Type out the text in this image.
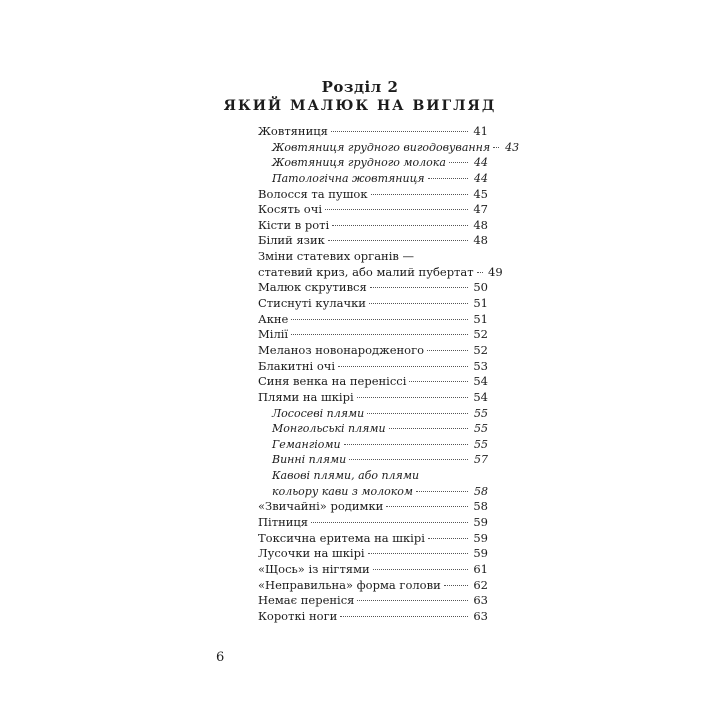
Розділ 2
ЯКИЙ МАЛЮК НА ВИГЛЯД
Жовтяниця	41
Жовтяниця грудного вигодовування 43
Жовтяниця грудного молока	44
Патологічна жовтяниця	44
Волосся та пушок	45
Косять очі	47
Кісти в роті	48
Білий язик	48
Зміни статевих органів —
статевий криз, або малий пубертат 49
Малюк скрутився	50
Стиснуті кулачки	51
Акне	51
Мілії	52
Меланоз новонародженого	52
Блакитні очі	53
Синя венка на переніссі	54
Плями на шкірі	54
Лососеві плями	55
Монгольські плями	55
Гемангіоми	55
Винні плями	57
Кавові плями, або плями
кольору кави з молоком	58
«Звичайні» родимки	58
Пітниця	59
Токсична еритема на шкірі	59
Лусочки на шкірі	59
«Щось» із нігтями	61
«Неправильна» форма голови	62
Немає переніся	63
Короткі ноги	63

6
